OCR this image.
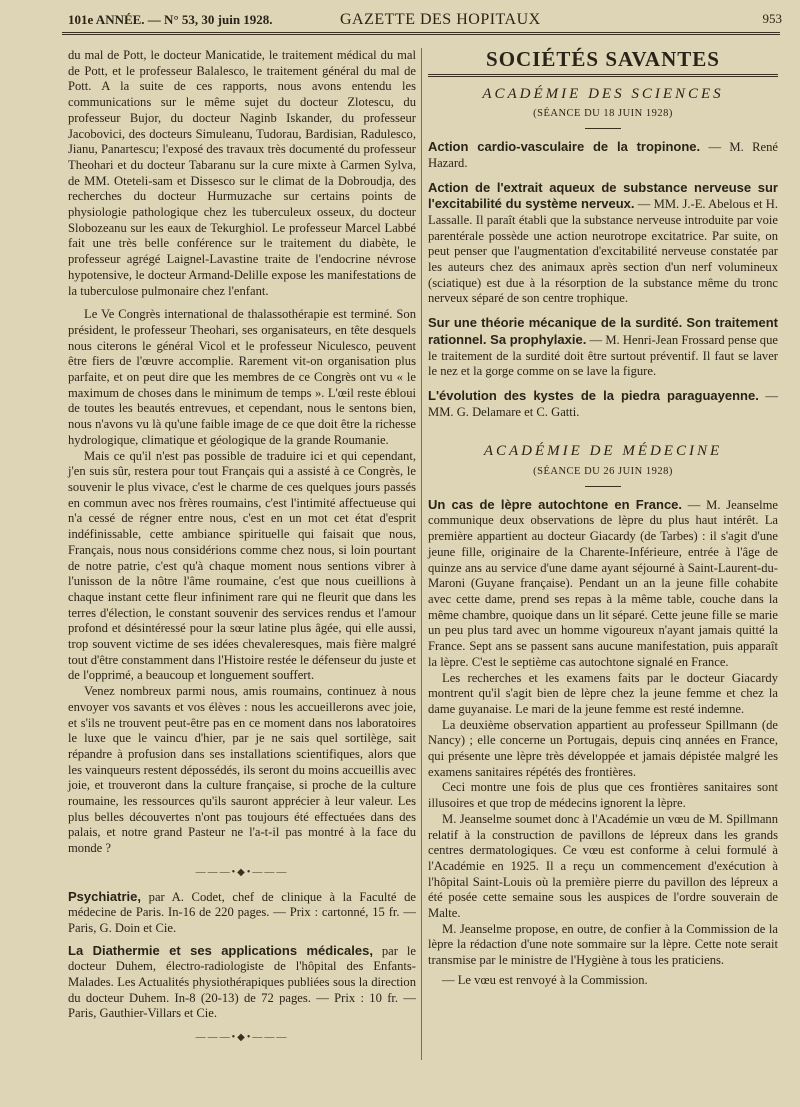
101e ANNÉE. — N° 53, 30 juin 1928.	GAZETTE DES HOPITAUX	953

du mal de Pott, le docteur Manicatide, le traitement médical du mal de Pott, et le professeur Balalesco, le traitement général du mal de Pott. A la suite de ces rapports, nous avons entendu les communications sur le même sujet du docteur Zlotescu, du professeur Bujor, du docteur Naginb Iskander, du professeur Jacobovici, des docteurs Simuleanu, Tudorau, Bardisian, Radulesco, Jianu, Panartescu; l'exposé des travaux très documenté du professeur Theohari et du docteur Tabaranu sur la cure mixte à Carmen Sylva, de MM. Oteteli-sam et Dissesco sur le climat de la Dobroudja, des recherches du docteur Hurmuzache sur certains points de physiologie pathologique chez les tuberculeux osseux, du docteur Slobozeanu sur les eaux de Tekurghiol. Le professeur Marcel Labbé fait une très belle conférence sur le traitement du diabète, le professeur agrégé Laignel-Lavastine traite de l'endocrine névrose hypotensive, le docteur Armand-Delille expose les manifestations de la tuberculose pulmonaire chez l'enfant.

Le Ve Congrès international de thalassothérapie est terminé. Son président, le professeur Theohari, ses organisateurs, en tête desquels nous citerons le général Vicol et le professeur Niculesco, peuvent être fiers de l'œuvre accomplie. Rarement vit-on organisation plus parfaite, et on peut dire que les membres de ce Congrès ont vu « le maximum de choses dans le minimum de temps ». L'œil reste ébloui de toutes les beautés entrevues, et cependant, nous le sentons bien, nous n'avons vu là qu'une faible image de ce que doit être la richesse hydrologique, climatique et géologique de la grande Roumanie.

Mais ce qu'il n'est pas possible de traduire ici et qui cependant, j'en suis sûr, restera pour tout Français qui a assisté à ce Congrès, le souvenir le plus vivace, c'est le charme de ces quelques jours passés en commun avec nos frères roumains, c'est l'intimité affectueuse qui n'a cessé de régner entre nous, c'est en un mot cet état d'esprit indéfinissable, cette ambiance spirituelle qui faisait que nous, Français, nous nous considérions comme chez nous, si loin pourtant de notre patrie, c'est qu'à chaque moment nous sentions vibrer à l'unisson de la nôtre l'âme roumaine, c'est que nous cueillions à chaque instant cette fleur infiniment rare qui ne fleurit que dans les terres d'élection, le constant souvenir des services rendus et l'amour profond et désintéressé pour la sœur latine plus âgée, qui elle aussi, trop souvent victime de ses idées chevaleresques, mais fière malgré tout d'être constamment dans l'Histoire restée le défenseur du juste et de l'opprimé, a beaucoup et longuement souffert.

Venez nombreux parmi nous, amis roumains, continuez à nous envoyer vos savants et vos élèves : nous les accueillerons avec joie, et s'ils ne trouvent peut-être pas en ce moment dans nos laboratoires le luxe que le vaincu d'hier, par je ne sais quel sortilège, sait répandre à profusion dans ses installations scientifiques, alors que les vainqueurs restent dépossédés, ils seront du moins accueillis avec joie, et trouveront dans la culture française, si proche de la culture roumaine, les ressources qu'ils sauront apprécier à leur valeur. Les plus belles découvertes n'ont pas toujours été effectuées dans des palais, et notre grand Pasteur ne l'a-t-il pas montré à la face du monde ?

———•◆•———

Psychiatrie, par A. Codet, chef de clinique à la Faculté de médecine de Paris. In-16 de 220 pages. — Prix : cartonné, 15 fr. — Paris, G. Doin et Cie.

La Diathermie et ses applications médicales, par le docteur Duhem, électro-radiologiste de l'hôpital des Enfants-Malades. Les Actualités physiothérapiques publiées sous la direction du docteur Duhem. In-8 (20-13) de 72 pages. — Prix : 10 fr. — Paris, Gauthier-Villars et Cie.

———•◆•———
SOCIÉTÉS SAVANTES
ACADÉMIE DES SCIENCES
(SÉANCE DU 18 JUIN 1928)

Action cardio-vasculaire de la tropinone. — M. René Hazard.

Action de l'extrait aqueux de substance nerveuse sur l'excitabilité du système nerveux. — MM. J.-E. Abelous et H. Lassalle. Il paraît établi que la substance nerveuse introduite par voie parentérale possède une action neurotrope excitatrice. Par suite, on peut penser que l'augmentation d'excitabilité nerveuse constatée par les auteurs chez des animaux après section d'un nerf volumineux (sciatique) est due à la résorption de la substance même du tronc nerveux séparé de son centre trophique.

Sur une théorie mécanique de la surdité. Son traitement rationnel. Sa prophylaxie. — M. Henri-Jean Frossard pense que le traitement de la surdité doit être surtout préventif. Il faut se laver le nez et la gorge comme on se lave la figure.

L'évolution des kystes de la piedra paraguayenne. — MM. G. Delamare et C. Gatti.

ACADÉMIE DE MÉDECINE
(SÉANCE DU 26 JUIN 1928)

Un cas de lèpre autochtone en France. — M. Jeanselme communique deux observations de lèpre du plus haut intérêt. La première appartient au docteur Giacardy (de Tarbes) : il s'agit d'une jeune fille, originaire de la Charente-Inférieure, entrée à l'âge de quinze ans au service d'une dame ayant séjourné à Saint-Laurent-du-Maroni (Guyane française). Pendant un an la jeune fille cohabite avec cette dame, prend ses repas à la même table, couche dans la même chambre, quoique dans un lit séparé. Cette jeune fille se marie un peu plus tard avec un homme vigoureux n'ayant jamais quitté la France. Sept ans se passent sans aucune manifestation, puis apparaît la lèpre. C'est le septième cas autochtone signalé en France.

Les recherches et les examens faits par le docteur Giacardy montrent qu'il s'agit bien de lèpre chez la jeune femme et chez la dame guyanaise. Le mari de la jeune femme est resté indemne.

La deuxième observation appartient au professeur Spillmann (de Nancy) ; elle concerne un Portugais, depuis cinq années en France, qui présente une lèpre très développée et jamais dépistée malgré les examens sanitaires répétés des frontières.

Ceci montre une fois de plus que ces frontières sanitaires sont illusoires et que trop de médecins ignorent la lèpre.

M. Jeanselme soumet donc à l'Académie un vœu de M. Spillmann relatif à la construction de pavillons de lépreux dans les grands centres dermatologiques. Ce vœu est conforme à celui formulé à l'Académie en 1925. Il a reçu un commencement d'exécution à l'hôpital Saint-Louis où la première pierre du pavillon des lépreux a été posée cette semaine sous les auspices de l'ordre souverain de Malte.

M. Jeanselme propose, en outre, de confier à la Commission de la lèpre la rédaction d'une note sommaire sur la lèpre. Cette note serait transmise par le ministre de l'Hygiène à tous les praticiens.

— Le vœu est renvoyé à la Commission.
